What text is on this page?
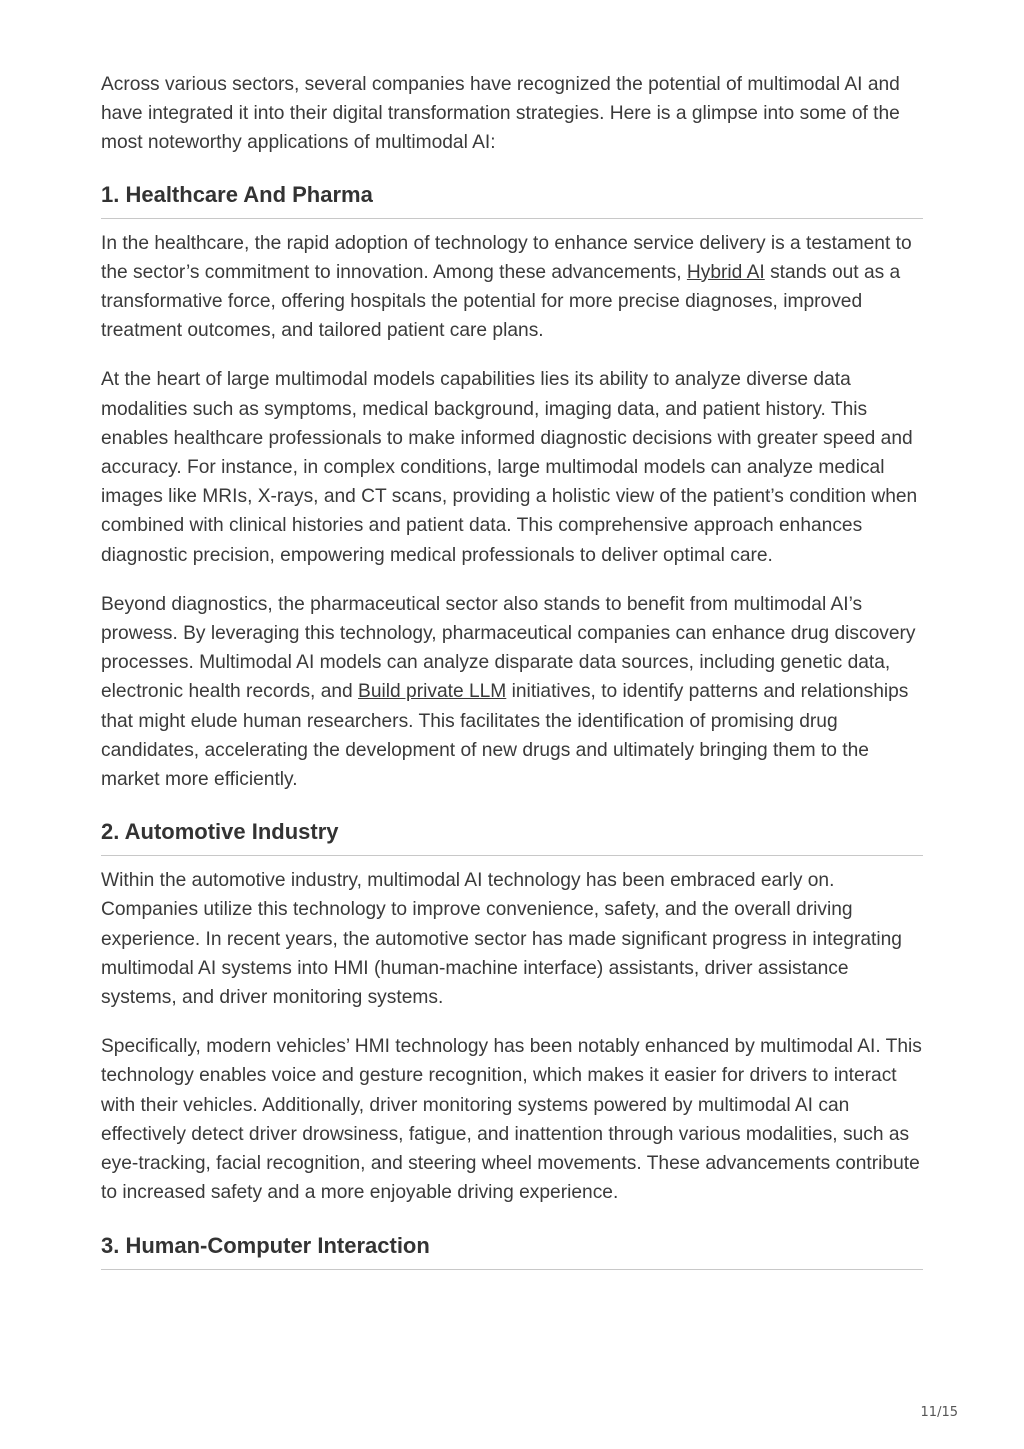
Across various sectors, several companies have recognized the potential of multimodal AI and have integrated it into their digital transformation strategies. Here is a glimpse into some of the most noteworthy applications of multimodal AI:

1. Healthcare And Pharma

In the healthcare, the rapid adoption of technology to enhance service delivery is a testament to the sector’s commitment to innovation. Among these advancements, Hybrid AI stands out as a transformative force, offering hospitals the potential for more precise diagnoses, improved treatment outcomes, and tailored patient care plans.

At the heart of large multimodal models capabilities lies its ability to analyze diverse data modalities such as symptoms, medical background, imaging data, and patient history. This enables healthcare professionals to make informed diagnostic decisions with greater speed and accuracy. For instance, in complex conditions, large multimodal models can analyze medical images like MRIs, X-rays, and CT scans, providing a holistic view of the patient’s condition when combined with clinical histories and patient data. This comprehensive approach enhances diagnostic precision, empowering medical professionals to deliver optimal care.

Beyond diagnostics, the pharmaceutical sector also stands to benefit from multimodal AI’s prowess. By leveraging this technology, pharmaceutical companies can enhance drug discovery processes. Multimodal AI models can analyze disparate data sources, including genetic data, electronic health records, and Build private LLM initiatives, to identify patterns and relationships that might elude human researchers. This facilitates the identification of promising drug candidates, accelerating the development of new drugs and ultimately bringing them to the market more efficiently.

2. Automotive Industry

Within the automotive industry, multimodal AI technology has been embraced early on. Companies utilize this technology to improve convenience, safety, and the overall driving experience. In recent years, the automotive sector has made significant progress in integrating multimodal AI systems into HMI (human-machine interface) assistants, driver assistance systems, and driver monitoring systems.

Specifically, modern vehicles’ HMI technology has been notably enhanced by multimodal AI. This technology enables voice and gesture recognition, which makes it easier for drivers to interact with their vehicles. Additionally, driver monitoring systems powered by multimodal AI can effectively detect driver drowsiness, fatigue, and inattention through various modalities, such as eye-tracking, facial recognition, and steering wheel movements. These advancements contribute to increased safety and a more enjoyable driving experience.

3. Human-Computer Interaction
11/15
